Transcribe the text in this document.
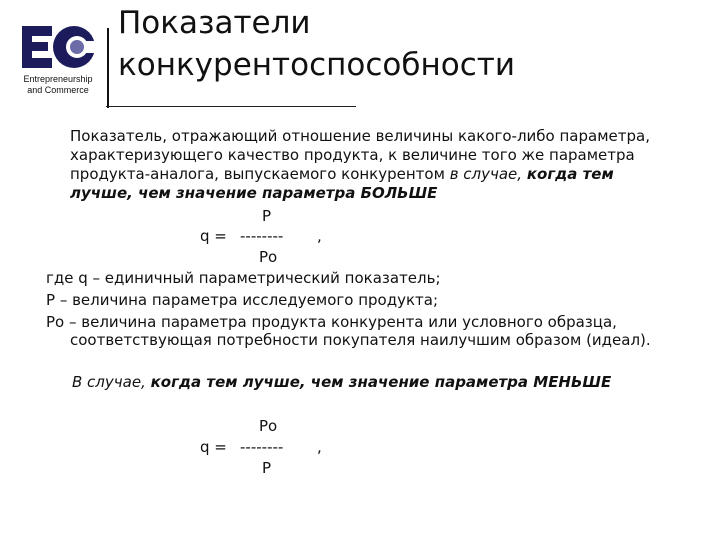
Entrepreneurship
and Commerce
Показатели
конкурентоспособности
Показатель, отражающий отношение величины какого-либо параметра,
характеризующего качество продукта, к величине того же параметра
продукта-аналога, выпускаемого конкурентом в случае, когда тем
лучше, чем значение параметра БОЛЬШЕ
Р
q = -------- ,
Ро
где q – единичный параметрический показатель;
Р – величина параметра исследуемого продукта;
Ро – величина параметра продукта конкурента или условного образца,
соответствующая потребности покупателя наилучшим образом (идеал).
В случае, когда тем лучше, чем значение параметра МЕНЬШЕ
Ро
q = -------- ,
Р
